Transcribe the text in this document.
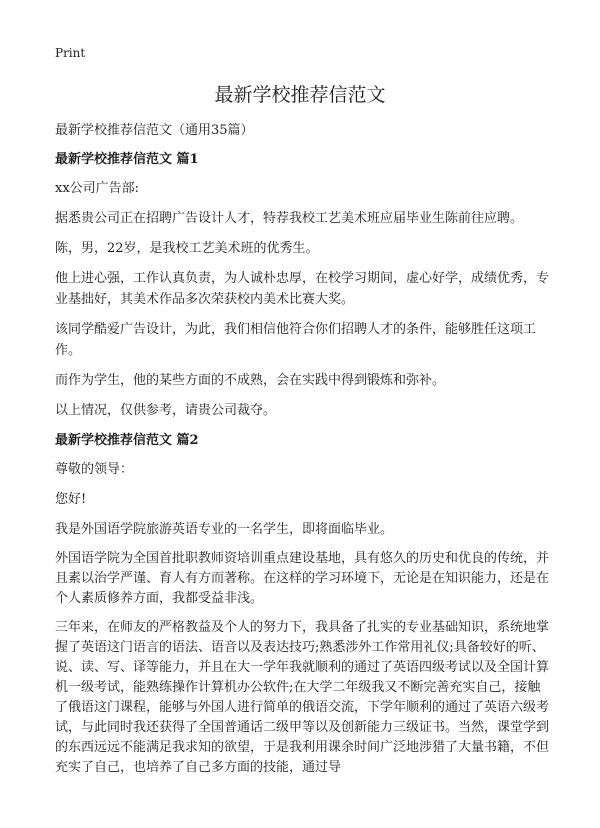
Print
最新学校推荐信范文

最新学校推荐信范文（通用35篇）

最新学校推荐信范文 篇1

xx公司广告部:

据悉贵公司正在招聘广告设计人才，特荐我校工艺美术班应届毕业生陈前往应聘。

陈，男，22岁，是我校工艺美术班的优秀生。

他上进心强，工作认真负责，为人诚朴忠厚，在校学习期间，虚心好学，成绩优秀，专业基拙好，其美术作品多次荣获校内美术比赛大奖。

该同学酷爱广告设计，为此，我们相信他符合你们招聘人才的条件，能够胜任这项工作。

而作为学生，他的某些方面的不成熟，会在实践中得到锻炼和弥补。

以上情况，仅供参考，请贵公司裁夺。

最新学校推荐信范文 篇2

尊敬的领导：

您好!

我是外国语学院旅游英语专业的一名学生，即将面临毕业。

外国语学院为全国首批职教师资培训重点建设基地，具有悠久的历史和优良的传统，并且素以治学严谨、育人有方而著称。在这样的学习环境下，无论是在知识能力，还是在个人素质修养方面，我都受益非浅。

三年来，在师友的严格教益及个人的努力下，我具备了扎实的专业基础知识，系统地掌握了英语这门语言的语法、语音以及表达技巧;熟悉涉外工作常用礼仪;具备较好的听、说、读、写、译等能力，并且在大一学年我就顺利的通过了英语四级考试以及全国计算机一级考试，能熟练操作计算机办公软件;在大学二年级我又不断完善充实自己，接触了俄语这门课程，能够与外国人进行简单的俄语交流，下学年顺利的通过了英语六级考试，与此同时我还获得了全国普通话二级甲等以及创新能力三级证书。当然，课堂学到的东西远远不能满足我求知的欲望，于是我利用课余时间广泛地涉猎了大量书籍，不但充实了自己，也培养了自己多方面的技能，通过导
